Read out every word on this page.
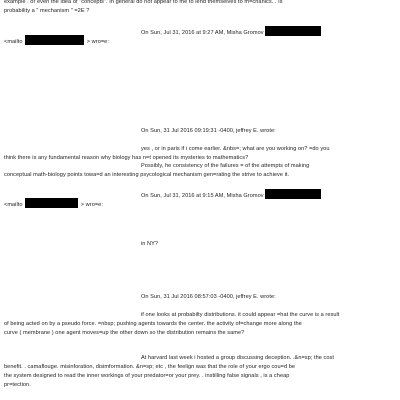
example . or even the idea of "concepts". In general do not appear to me to lend themselves to m=chanics. . Is
probability a " mechanism " =2E ?
On Sun, Jul 31, 2016 at 9:27 AM, Misha Gromov
<mailto	> wro=e:
On Sun, 31 Jul 2016 09:19:31 -0400, jeffrey E. wrote:
yes , or in paris if i come earlier. &nbs=; what are you working on? =do you
think there is any fundamental reason why biology has n=t opened its mysteries to mathematics?
Possibly, he consistency of the failures = of the attempts of making
conceptual math-biology points towa=d an interesting psycological mechanism gen=rating the strive to achieve it.
On Sun, Jul 31, 2016 at 9:15 AM, Misha Gromov
<mailto	> wro=e:
in NY?
On Sun, 31 Jul 2016 08:57:03 -0400, jeffrey E. wrote:
if one looks at probabilty distributions. it could appear =hat the curve is a result
of being acted on by a pseudo force. =nbsp; pushing agents towards the center. the activity of=change more along the
curve ( membrane ) one agent moves=up the other down so the distribution remains the same?
At harvard last week i hosted a group discussing deception. .&n=sp; the cost
benefit. . camaflouge. misinforation, disimformation. &n=sp; etc , the feelign was that the role of your ergo cou=d be
the system designed to read the inner workings of your predator=or your prey. . instilling false signals , is a cheap
pr=tection.
